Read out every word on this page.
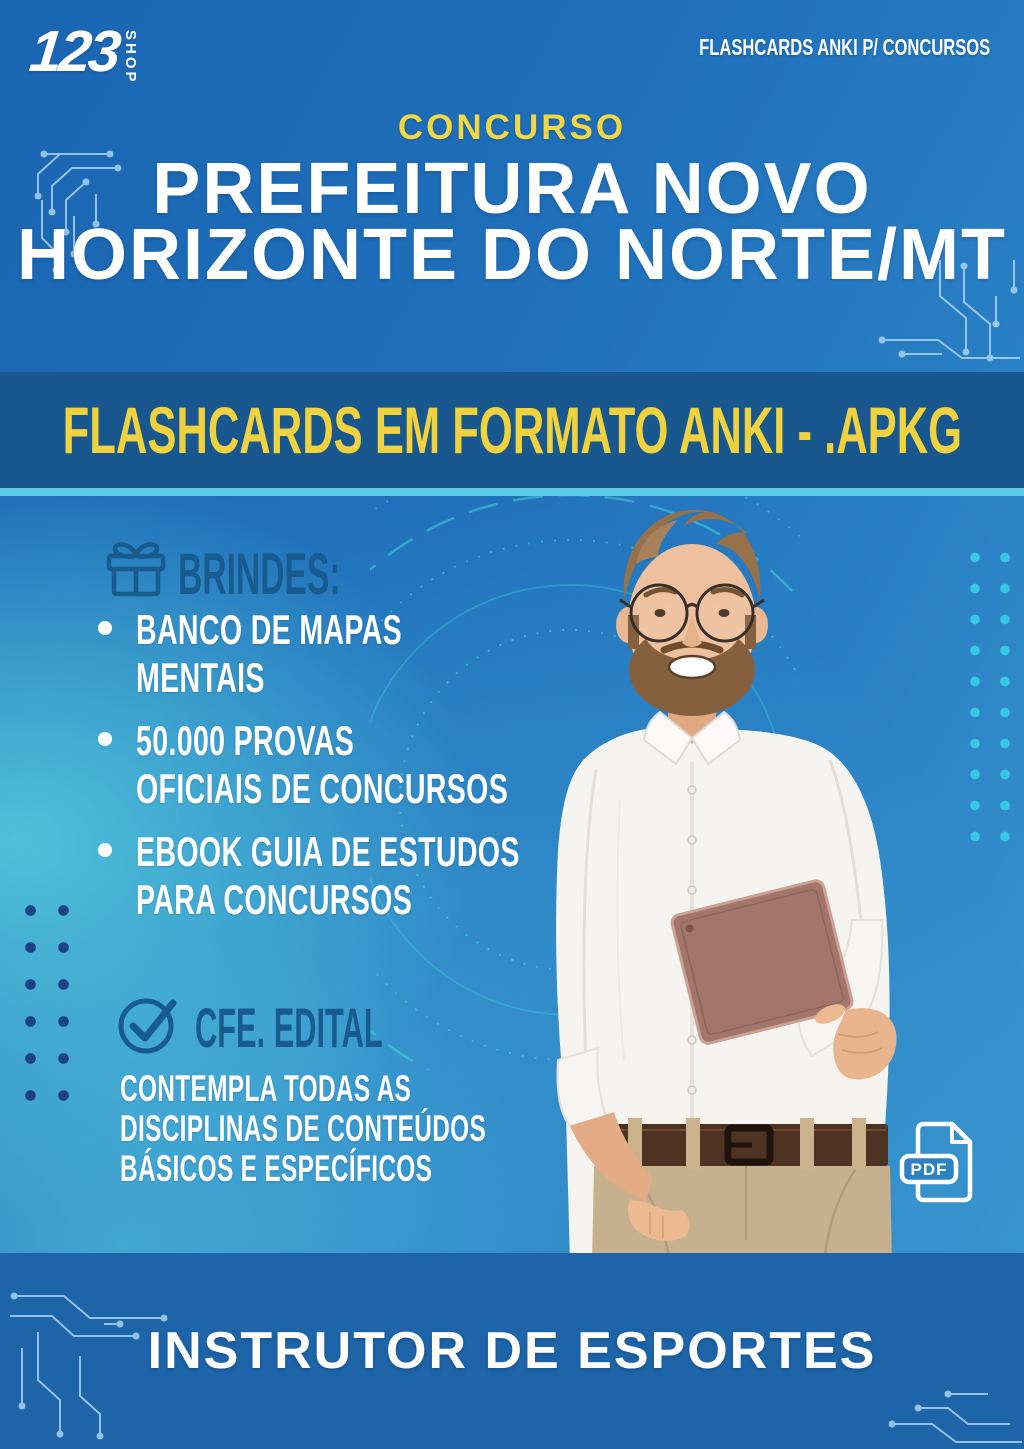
123 SHOP	FLASHCARDS ANKI P/ CONCURSOS
CONCURSO
PREFEITURA NOVO
HORIZONTE DO NORTE/MT
FLASHCARDS EM FORMATO ANKI - .APKG
BRINDES:
BANCO DE MAPAS
MENTAIS
50.000 PROVAS
OFICIAIS DE CONCURSOS
EBOOK GUIA DE ESTUDOS
PARA CONCURSOS
CFE. EDITAL
CONTEMPLA TODAS AS
DISCIPLINAS DE CONTEÚDOS
BÁSICOS E ESPECÍFICOS	PDF
INSTRUTOR DE ESPORTES
